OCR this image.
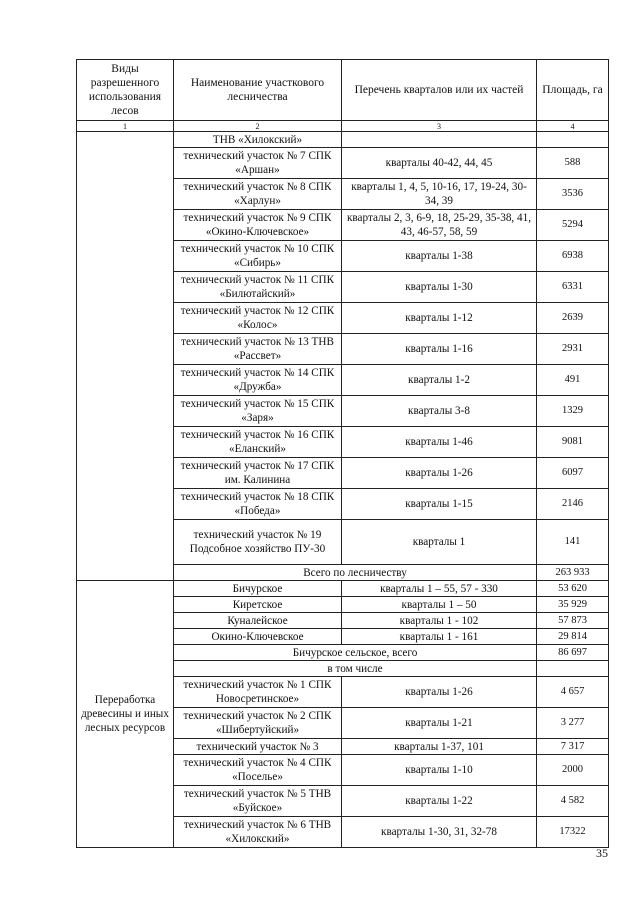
Виды разрешенного использования лесов	Наименование участкового лесничества	Перечень кварталов или их частей	Площадь, га
1	2	3	4
	ТНВ «Хилокский»		
	технический участок № 7 СПК «Аршан»	кварталы 40-42, 44, 45	588
	технический участок № 8 СПК «Харлун»	кварталы 1, 4, 5, 10-16, 17, 19-24, 30-34, 39	3536
	технический участок № 9 СПК «Окино-Ключевское»	кварталы 2, 3, 6-9, 18, 25-29, 35-38, 41, 43, 46-57, 58, 59	5294
	технический участок № 10 СПК «Сибирь»	кварталы 1-38	6938
	технический участок № 11 СПК «Билютайский»	кварталы 1-30	6331
	технический участок № 12 СПК «Колос»	кварталы 1-12	2639
	технический участок № 13 ТНВ «Рассвет»	кварталы 1-16	2931
	технический участок № 14 СПК «Дружба»	кварталы 1-2	491
	технический участок № 15 СПК «Заря»	кварталы 3-8	1329
	технический участок № 16 СПК «Еланский»	кварталы 1-46	9081
	технический участок № 17 СПК им. Калинина	кварталы 1-26	6097
	технический участок № 18 СПК «Победа»	кварталы 1-15	2146
	технический участок № 19 Подсобное хозяйство ПУ-30	кварталы 1	141
	Всего по лесничеству		263 933
Переработка древесины и иных лесных ресурсов	Бичурское	кварталы 1 – 55, 57 - 330	53 620
	Киретское	кварталы 1 – 50	35 929
	Куналейское	кварталы 1 - 102	57 873
	Окино-Ключевское	кварталы 1 - 161	29 814
	Бичурское сельское, всего		86 697
	в том числе		
	технический участок № 1 СПК Новосретинское»	кварталы 1-26	4 657
	технический участок № 2 СПК «Шибертуйский»	кварталы 1-21	3 277
	технический участок № 3	кварталы 1-37, 101	7 317
	технический участок № 4 СПК «Поселье»	кварталы 1-10	2000
	технический участок № 5 ТНВ «Буйское»	кварталы 1-22	4 582
	технический участок № 6 ТНВ «Хилокский»	кварталы 1-30, 31, 32-78	17322
35
